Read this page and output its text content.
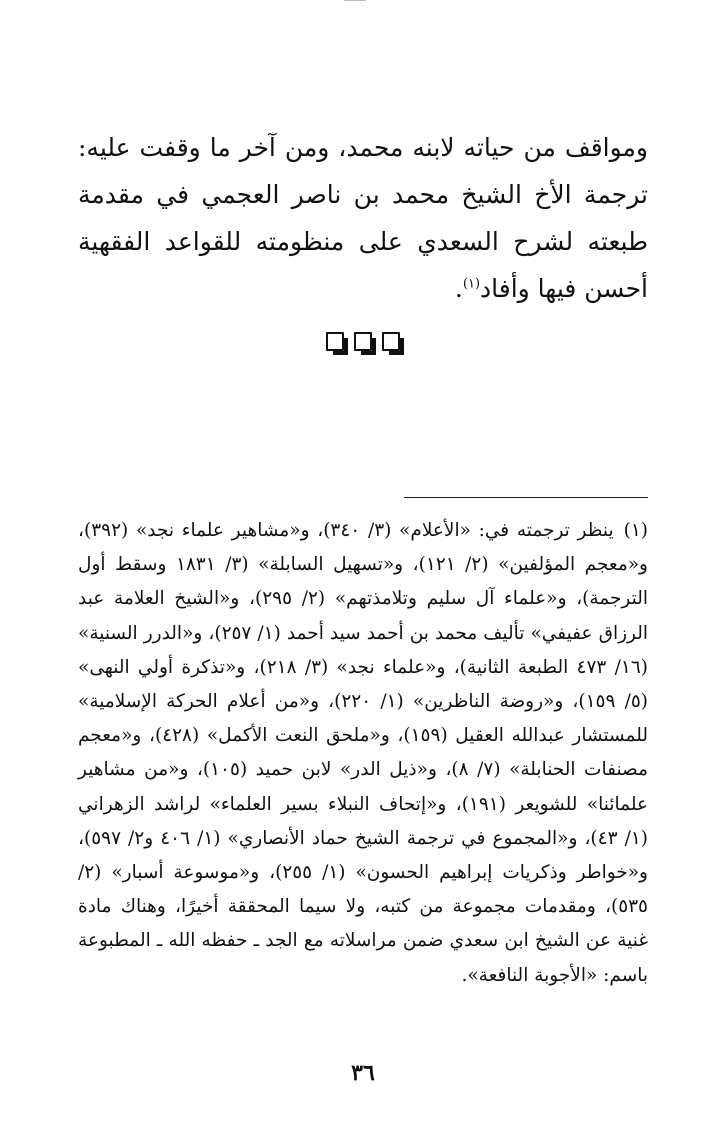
ومواقف من حياته لابنه محمد، ومن آخر ما وقفت عليه: ترجمة الأخ الشيخ محمد بن ناصر العجمي في مقدمة طبعته لشرح السعدي على منظومته للقواعد الفقهية أحسن فيها وأفاد$^{(١)}$.

(١)ينظر ترجمته في: «الأعلام» (٣/ ٣٤٠)، و«مشاهير علماء نجد» (٣٩٢)، و«معجم المؤلفين» (٢/ ١٢١)، و«تسهيل السابلة» (٣/ ١٨٣١ وسقط أول الترجمة)، و«علماء آل سليم وتلامذتهم» (٢/ ٢٩٥)، و«الشيخ العلامة عبد الرزاق عفيفي» تأليف محمد بن أحمد سيد أحمد (١/ ٢٥٧)، و«الدرر السنية» (١٦/ ٤٧٣ الطبعة الثانية)، و«علماء نجد» (٣/ ٢١٨)، و«تذكرة أولي النهى» (٥/ ١٥٩)، و«روضة الناظرين» (١/ ٢٢٠)، و«من أعلام الحركة الإسلامية» للمستشار عبدالله العقيل (١٥٩)، و«ملحق النعت الأكمل» (٤٢٨)، و«معجم مصنفات الحنابلة» (٧/ ٨)، و«ذيل الدر» لابن حميد (١٠٥)، و«من مشاهير علمائنا» للشويعر (١٩١)، و«إتحاف النبلاء بسير العلماء» لراشد الزهراني (١/ ٤٣)، و«المجموع في ترجمة الشيخ حماد الأنصاري» (١/ ٤٠٦ و٢/ ٥٩٧)، و«خواطر وذكريات إبراهيم الحسون» (١/ ٢٥٥)، و«موسوعة أسبار» (٢/ ٥٣٥)، ومقدمات مجموعة من كتبه، ولا سيما المحققة أخيرًا، وهناك مادة غنية عن الشيخ ابن سعدي ضمن مراسلاته مع الجد ـ حفظه الله ـ المطبوعة باسم: «الأجوبة النافعة».

٣٦
